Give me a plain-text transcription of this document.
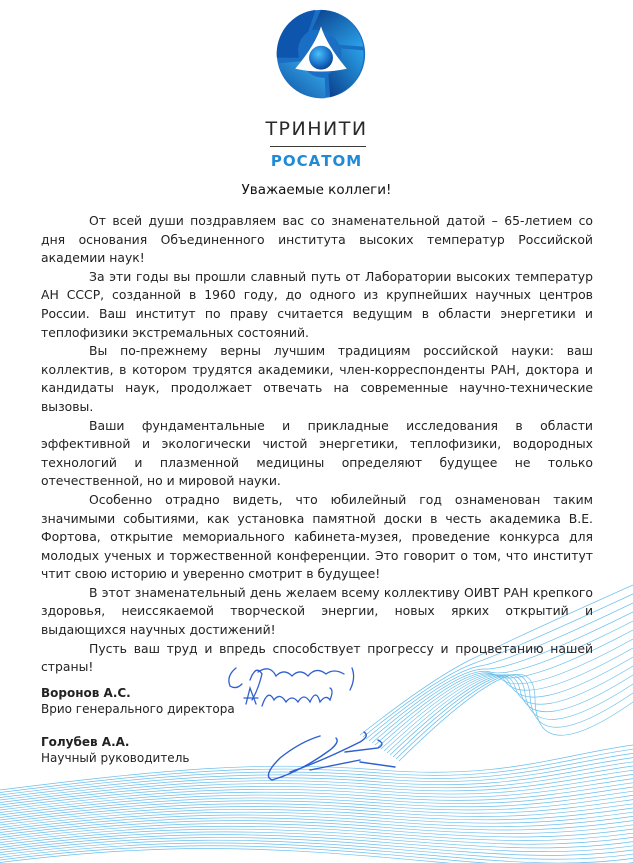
ТРИНИТИ
РОСАТОМ
Уважаемые коллеги!

От всей души поздравляем вас со знаменательной датой – 65-летием со дня основания Объединенного института высоких температур Российской академии наук!

За эти годы вы прошли славный путь от Лаборатории высоких температур АН СССР, созданной в 1960 году, до одного из крупнейших научных центров России. Ваш институт по праву считается ведущим в области энергетики и теплофизики экстремальных состояний.

Вы по-прежнему верны лучшим традициям российской науки: ваш коллектив, в котором трудятся академики, член-корреспонденты РАН, доктора и кандидаты наук, продолжает отвечать на современные научно-технические вызовы.

Ваши фундаментальные и прикладные исследования в области эффективной и экологически чистой энергетики, теплофизики, водородных технологий и плазменной медицины определяют будущее не только отечественной, но и мировой науки.

Особенно отрадно видеть, что юбилейный год ознаменован таким значимыми событиями, как установка памятной доски в честь академика В.Е. Фортова, открытие мемориального кабинета-музея, проведение конкурса для молодых ученых и торжественной конференции. Это говорит о том, что институт чтит свою историю и уверенно смотрит в будущее!

В этот знаменательный день желаем всему коллективу ОИВТ РАН крепкого здоровья, неиссякаемой творческой энергии, новых ярких открытий и выдающихся научных достижений!

Пусть ваш труд и впредь способствует прогрессу и процветанию нашей страны!

Воронов А.С.
Врио генерального директора
Голубев А.А.
Научный руководитель
